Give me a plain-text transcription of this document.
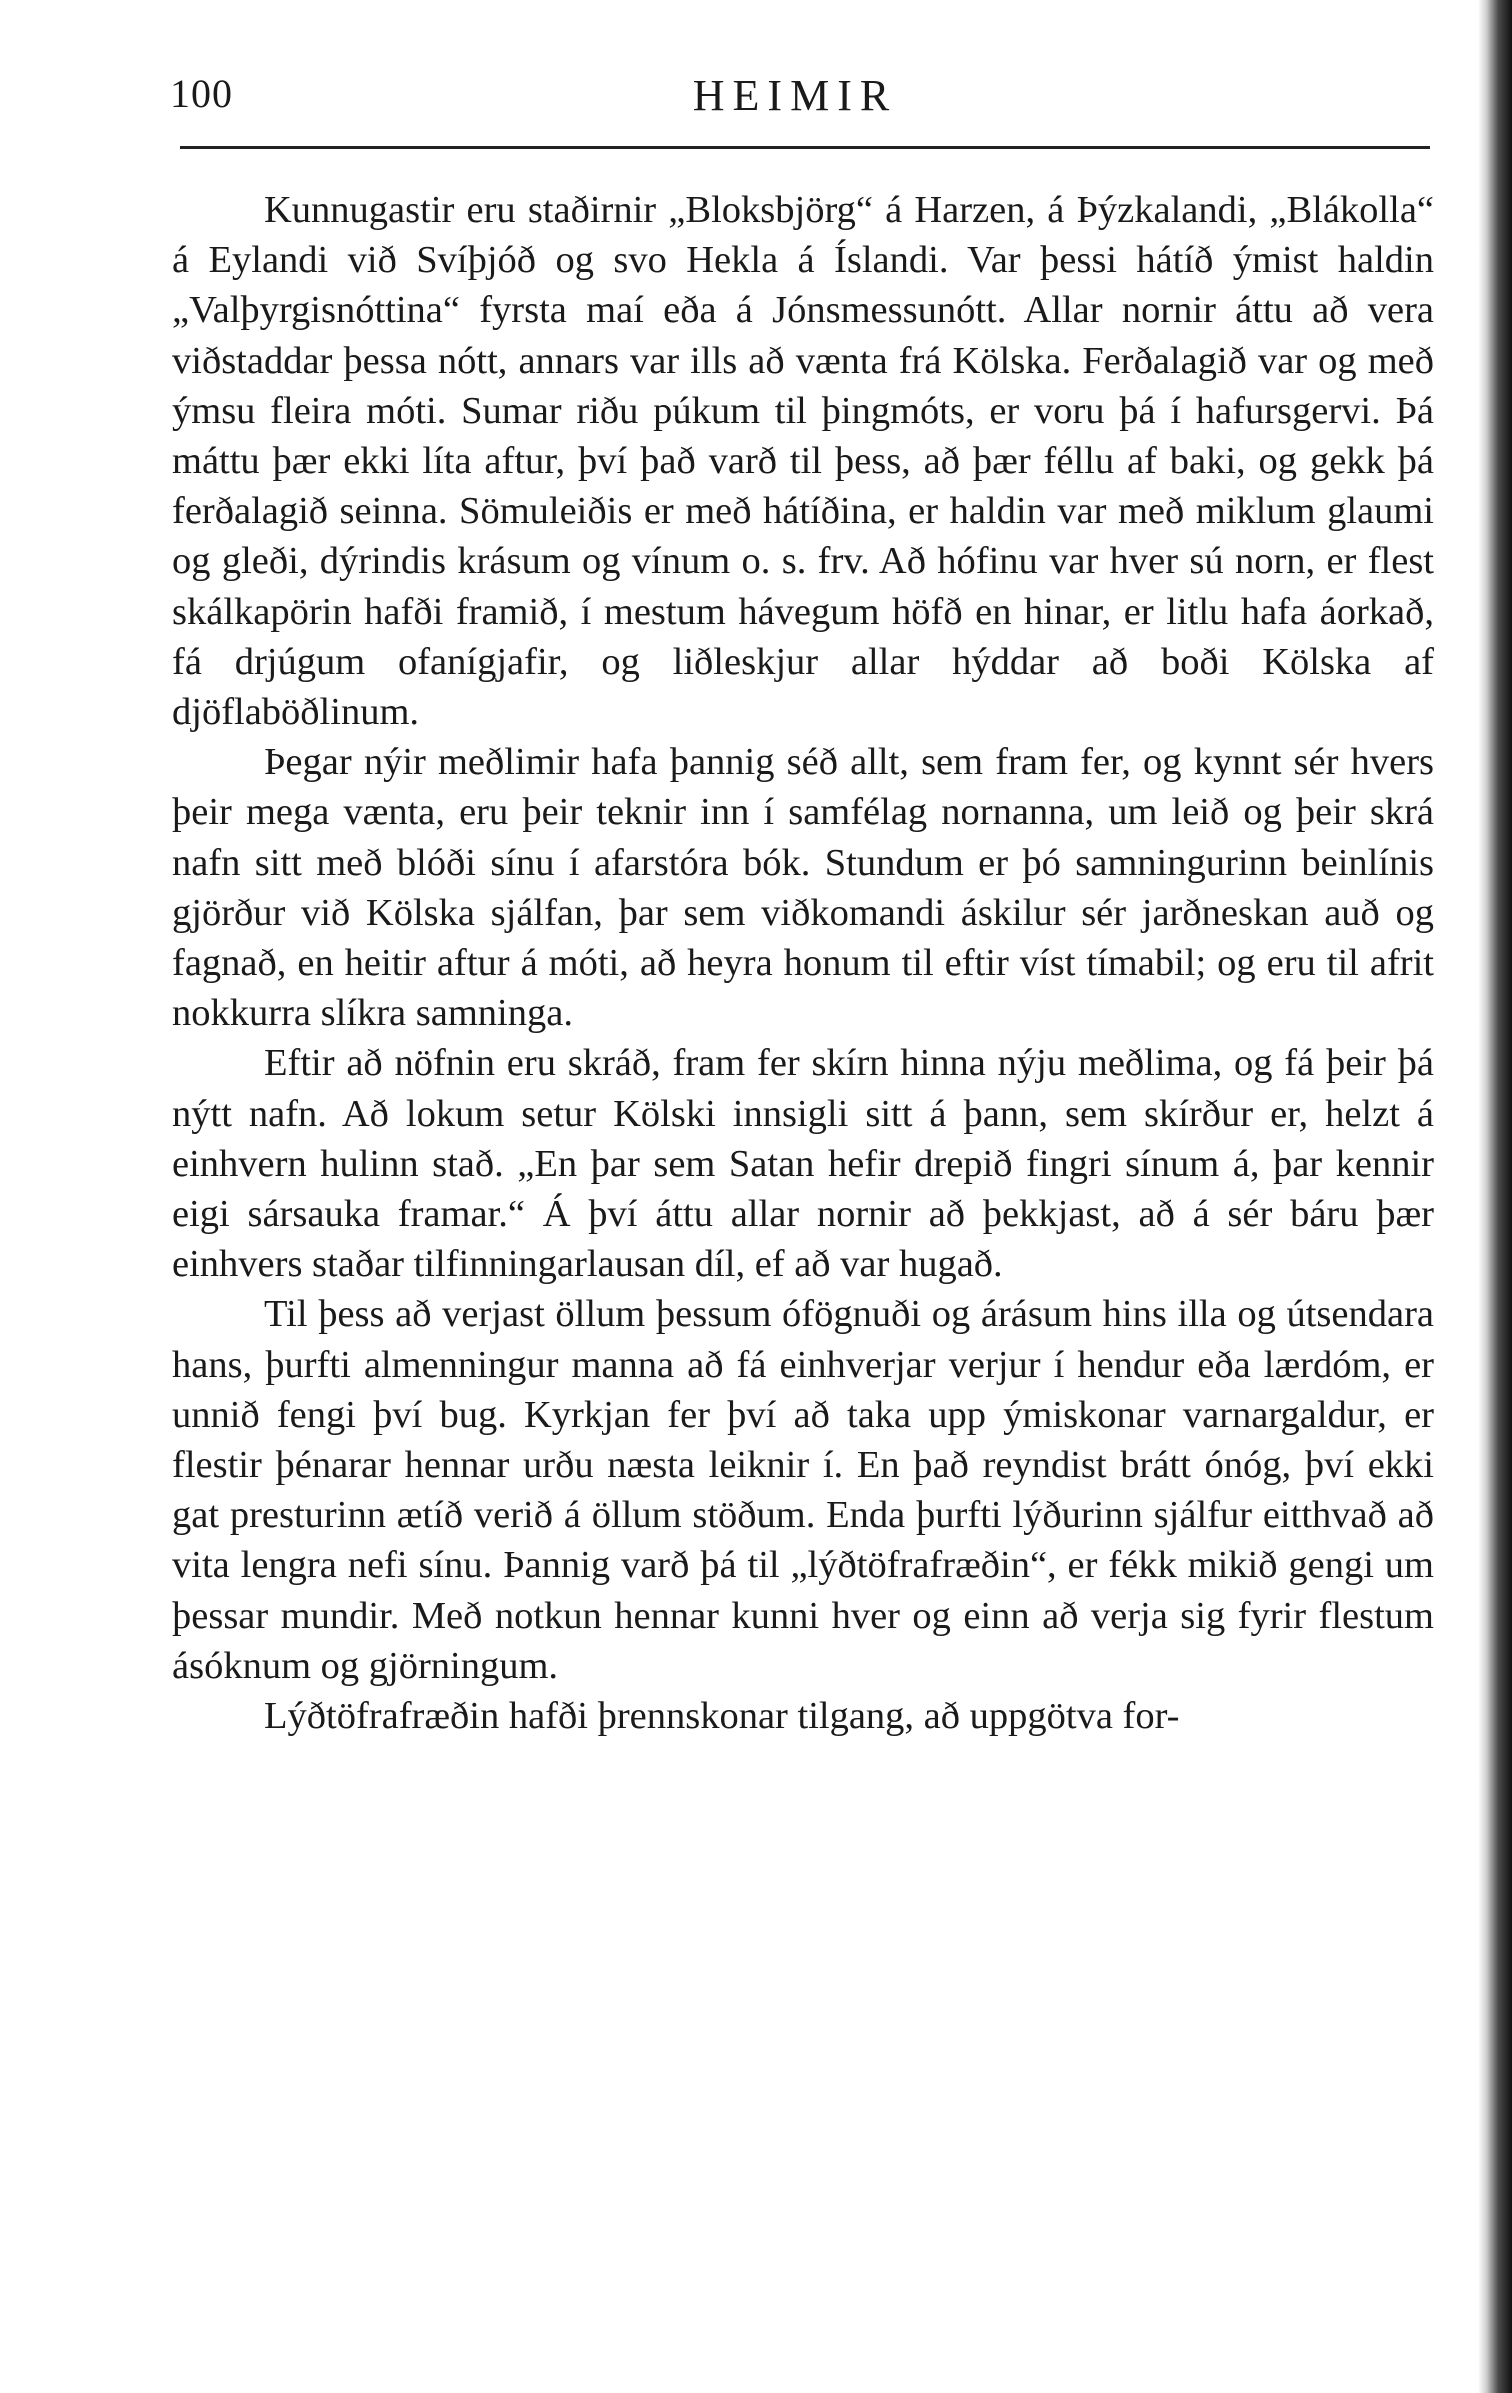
100	HEIMIR

Kunnugastir eru staðirnir „Bloksbjörg“ á Harzen, á Þýzkalandi, „Blákolla“ á Eylandi við Svíþjóð og svo Hekla á Íslandi. Var þessi hátíð ýmist haldin „Valþyrgisnóttina“ fyrsta maí eða á Jónsmessunótt. Allar nornir áttu að vera viðstaddar þessa nótt, annars var ills að vænta frá Kölska. Ferðalagið var og með ýmsu fleira móti. Sumar riðu púkum til þingmóts, er voru þá í hafursgervi. Þá máttu þær ekki líta aftur, því það varð til þess, að þær féllu af baki, og gekk þá ferðalagið seinna. Sömuleiðis er með hátíðina, er haldin var með miklum glaumi og gleði, dýrindis krásum og vínum o. s. frv. Að hófinu var hver sú norn, er flest skálkapörin hafði framið, í mestum hávegum höfð en hinar, er litlu hafa áorkað, fá drjúgum ofanígjafir, og liðleskjur allar hýddar að boði Kölska af djöflaböðlinum.

Þegar nýir meðlimir hafa þannig séð allt, sem fram fer, og kynnt sér hvers þeir mega vænta, eru þeir teknir inn í samfélag nornanna, um leið og þeir skrá nafn sitt með blóði sínu í afarstóra bók. Stundum er þó samningurinn beinlínis gjörður við Kölska sjálfan, þar sem viðkomandi áskilur sér jarðneskan auð og fagnað, en heitir aftur á móti, að heyra honum til eftir víst tímabil; og eru til afrit nokkurra slíkra samninga.

Eftir að nöfnin eru skráð, fram fer skírn hinna nýju meðlima, og fá þeir þá nýtt nafn. Að lokum setur Kölski innsigli sitt á þann, sem skírður er, helzt á einhvern hulinn stað. „En þar sem Satan hefir drepið fingri sínum á, þar kennir eigi sársauka framar.“ Á því áttu allar nornir að þekkjast, að á sér báru þær einhvers staðar tilfinningarlausan díl, ef að var hugað.

Til þess að verjast öllum þessum ófögnuði og árásum hins illa og útsendara hans, þurfti almenningur manna að fá einhverjar verjur í hendur eða lærdóm, er unnið fengi því bug. Kyrkjan fer því að taka upp ýmiskonar varnargaldur, er flestir þénarar hennar urðu næsta leiknir í. En það reyndist brátt ónóg, því ekki gat presturinn ætíð verið á öllum stöðum. Enda þurfti lýðurinn sjálfur eitthvað að vita lengra nefi sínu. Þannig varð þá til „lýðtöfrafræðin“, er fékk mikið gengi um þessar mundir. Með notkun hennar kunni hver og einn að verja sig fyrir flestum ásóknum og gjörningum.

Lýðtöfrafræðin hafði þrennskonar tilgang, að uppgötva for-
